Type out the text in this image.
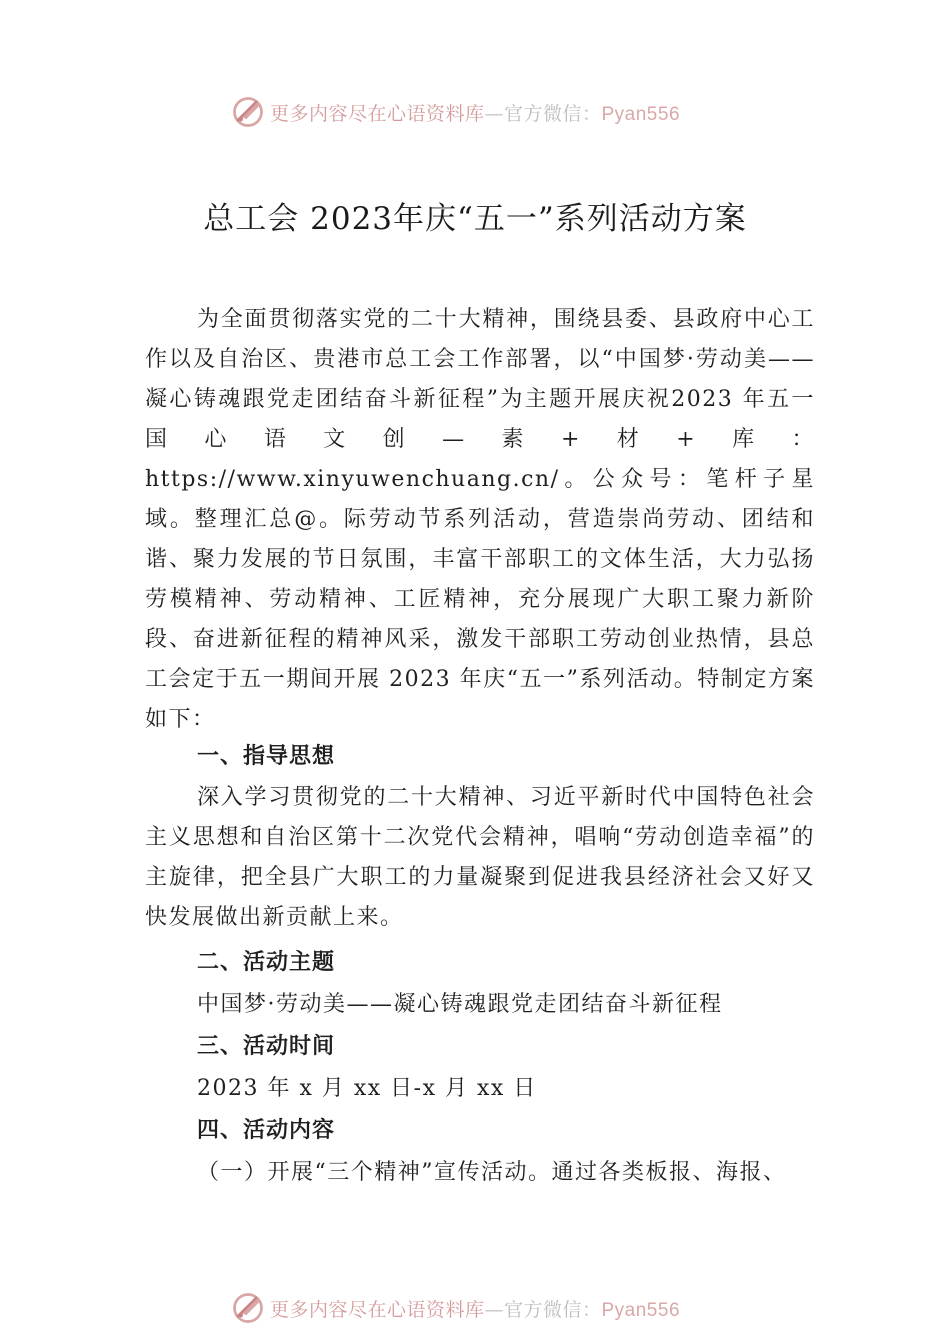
更多内容尽在心语资料库—官方微信：Pyan556
总工会 2023年庆“五一”系列活动方案

为全面贯彻落实党的二十大精神，围绕县委、县政府中心工作以及自治区、贵港市总工会工作部署，以“中国梦·劳动美——凝心铸魂跟党走团结奋斗新征程”为主题开展庆祝2023 年五一国心语文创—素+材+库：https://www.xinyuwenchuang.cn/。公众号：笔杆子星域。整理汇总@。际劳动节系列活动，营造崇尚劳动、团结和谐、聚力发展的节日氛围，丰富干部职工的文体生活，大力弘扬劳模精神、劳动精神、工匠精神，充分展现广大职工聚力新阶段、奋进新征程的精神风采，激发干部职工劳动创业热情，县总工会定于五一期间开展 2023 年庆“五一”系列活动。特制定方案如下：

一、指导思想

深入学习贯彻党的二十大精神、习近平新时代中国特色社会主义思想和自治区第十二次党代会精神，唱响“劳动创造幸福”的主旋律，把全县广大职工的力量凝聚到促进我县经济社会又好又快发展做出新贡献上来。

二、活动主题

中国梦·劳动美——凝心铸魂跟党走团结奋斗新征程

三、活动时间

2023 年 x 月 xx 日-x 月 xx 日

四、活动内容

（一）开展“三个精神”宣传活动。通过各类板报、海报、

更多内容尽在心语资料库—官方微信：Pyan556
